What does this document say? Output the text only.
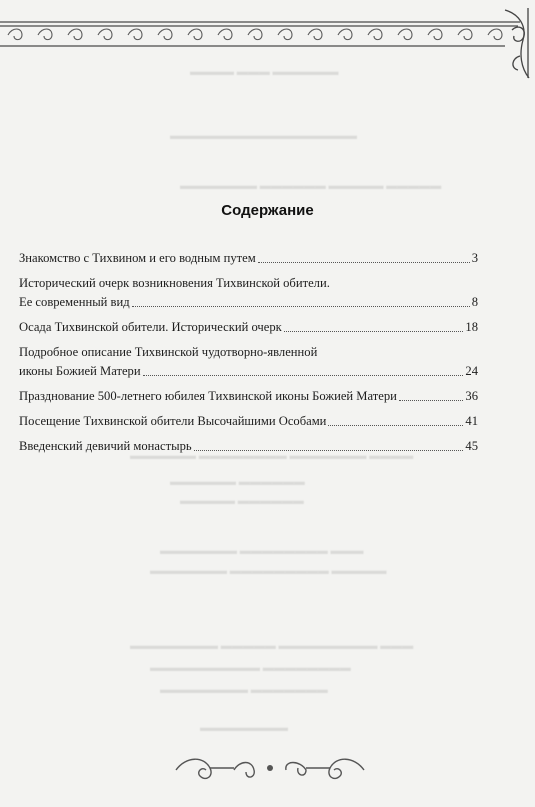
▬▬▬▬ ▬▬▬ ▬▬▬▬▬▬
▬▬▬▬▬▬▬▬▬▬▬▬▬▬▬▬▬
▬▬▬▬▬▬▬ ▬▬▬▬▬▬ ▬▬▬▬▬ ▬▬▬▬▬
▬▬▬▬▬▬ ▬▬▬▬▬▬▬▬ ▬▬▬▬▬▬▬ ▬▬▬▬
▬▬▬▬▬▬ ▬▬▬▬▬▬
▬▬▬▬▬ ▬▬▬▬▬▬
▬▬▬▬▬▬▬ ▬▬▬▬▬▬▬▬ ▬▬▬
▬▬▬▬▬▬▬ ▬▬▬▬▬▬▬▬▬ ▬▬▬▬▬
▬▬▬▬▬▬▬▬ ▬▬▬▬▬ ▬▬▬▬▬▬▬▬▬ ▬▬▬
▬▬▬▬▬▬▬▬▬▬ ▬▬▬▬▬▬▬▬
▬▬▬▬▬▬▬▬ ▬▬▬▬▬▬▬
▬▬▬▬▬▬▬▬
Содержание
Знакомство с Тихвином и его водным путем	3
Исторический очерк возникновения Тихвинской обители.
Ее современный вид	8
Осада Тихвинской обители. Исторический очерк	18
Подробное описание Тихвинской чудотворно-явленной
иконы Божией Матери	24
Празднование 500-летнего юбилея Тихвинской иконы Божией Матери	36
Посещение Тихвинской обители Высочайшими Особами	41
Введенский девичий монастырь	45
